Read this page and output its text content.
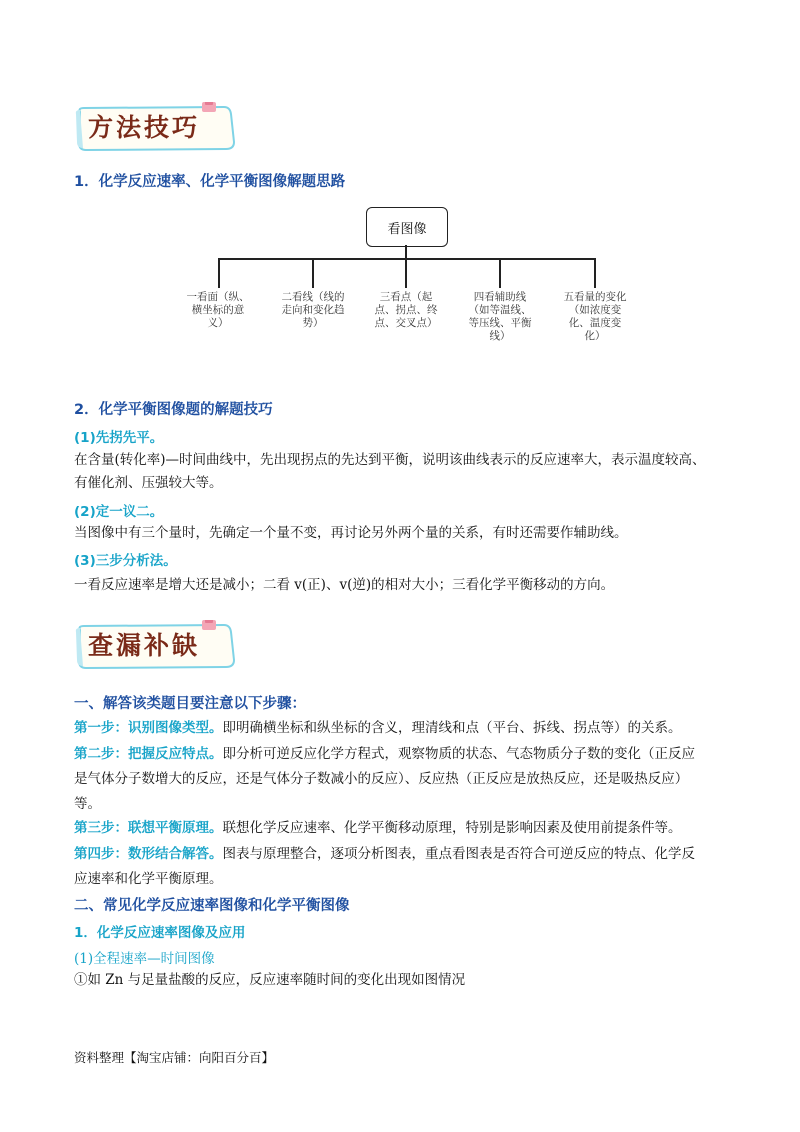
方法技巧
1．化学反应速率、化学平衡图像解题思路
看图像
一看面（纵、横坐标的意义）
二看线（线的走向和变化趋势）
三看点（起点、拐点、终点、交叉点）
四看辅助线（如等温线、等压线、平衡线）
五看量的变化（如浓度变化、温度变化）
2．化学平衡图像题的解题技巧
(1)先拐先平。
在含量(转化率)—时间曲线中，先出现拐点的先达到平衡，说明该曲线表示的反应速率大，表示温度较高、
有催化剂、压强较大等。
(2)定一议二。
当图像中有三个量时，先确定一个量不变，再讨论另外两个量的关系，有时还需要作辅助线。
(3)三步分析法。
一看反应速率是增大还是减小；二看 v(正)、v(逆)的相对大小；三看化学平衡移动的方向。
查漏补缺
一、解答该类题目要注意以下步骤：
第一步：识别图像类型。即明确横坐标和纵坐标的含义，理清线和点（平台、拆线、拐点等）的关系。
第二步：把握反应特点。即分析可逆反应化学方程式，观察物质的状态、气态物质分子数的变化（正反应
是气体分子数增大的反应，还是气体分子数减小的反应）、反应热（正反应是放热反应，还是吸热反应）
等。
第三步：联想平衡原理。联想化学反应速率、化学平衡移动原理，特别是影响因素及使用前提条件等。
第四步：数形结合解答。图表与原理整合，逐项分析图表，重点看图表是否符合可逆反应的特点、化学反
应速率和化学平衡原理。
二、常见化学反应速率图像和化学平衡图像
1．化学反应速率图像及应用
(1)全程速率—时间图像
①如 Zn 与足量盐酸的反应，反应速率随时间的变化出现如图情况
资料整理【淘宝店铺：向阳百分百】
